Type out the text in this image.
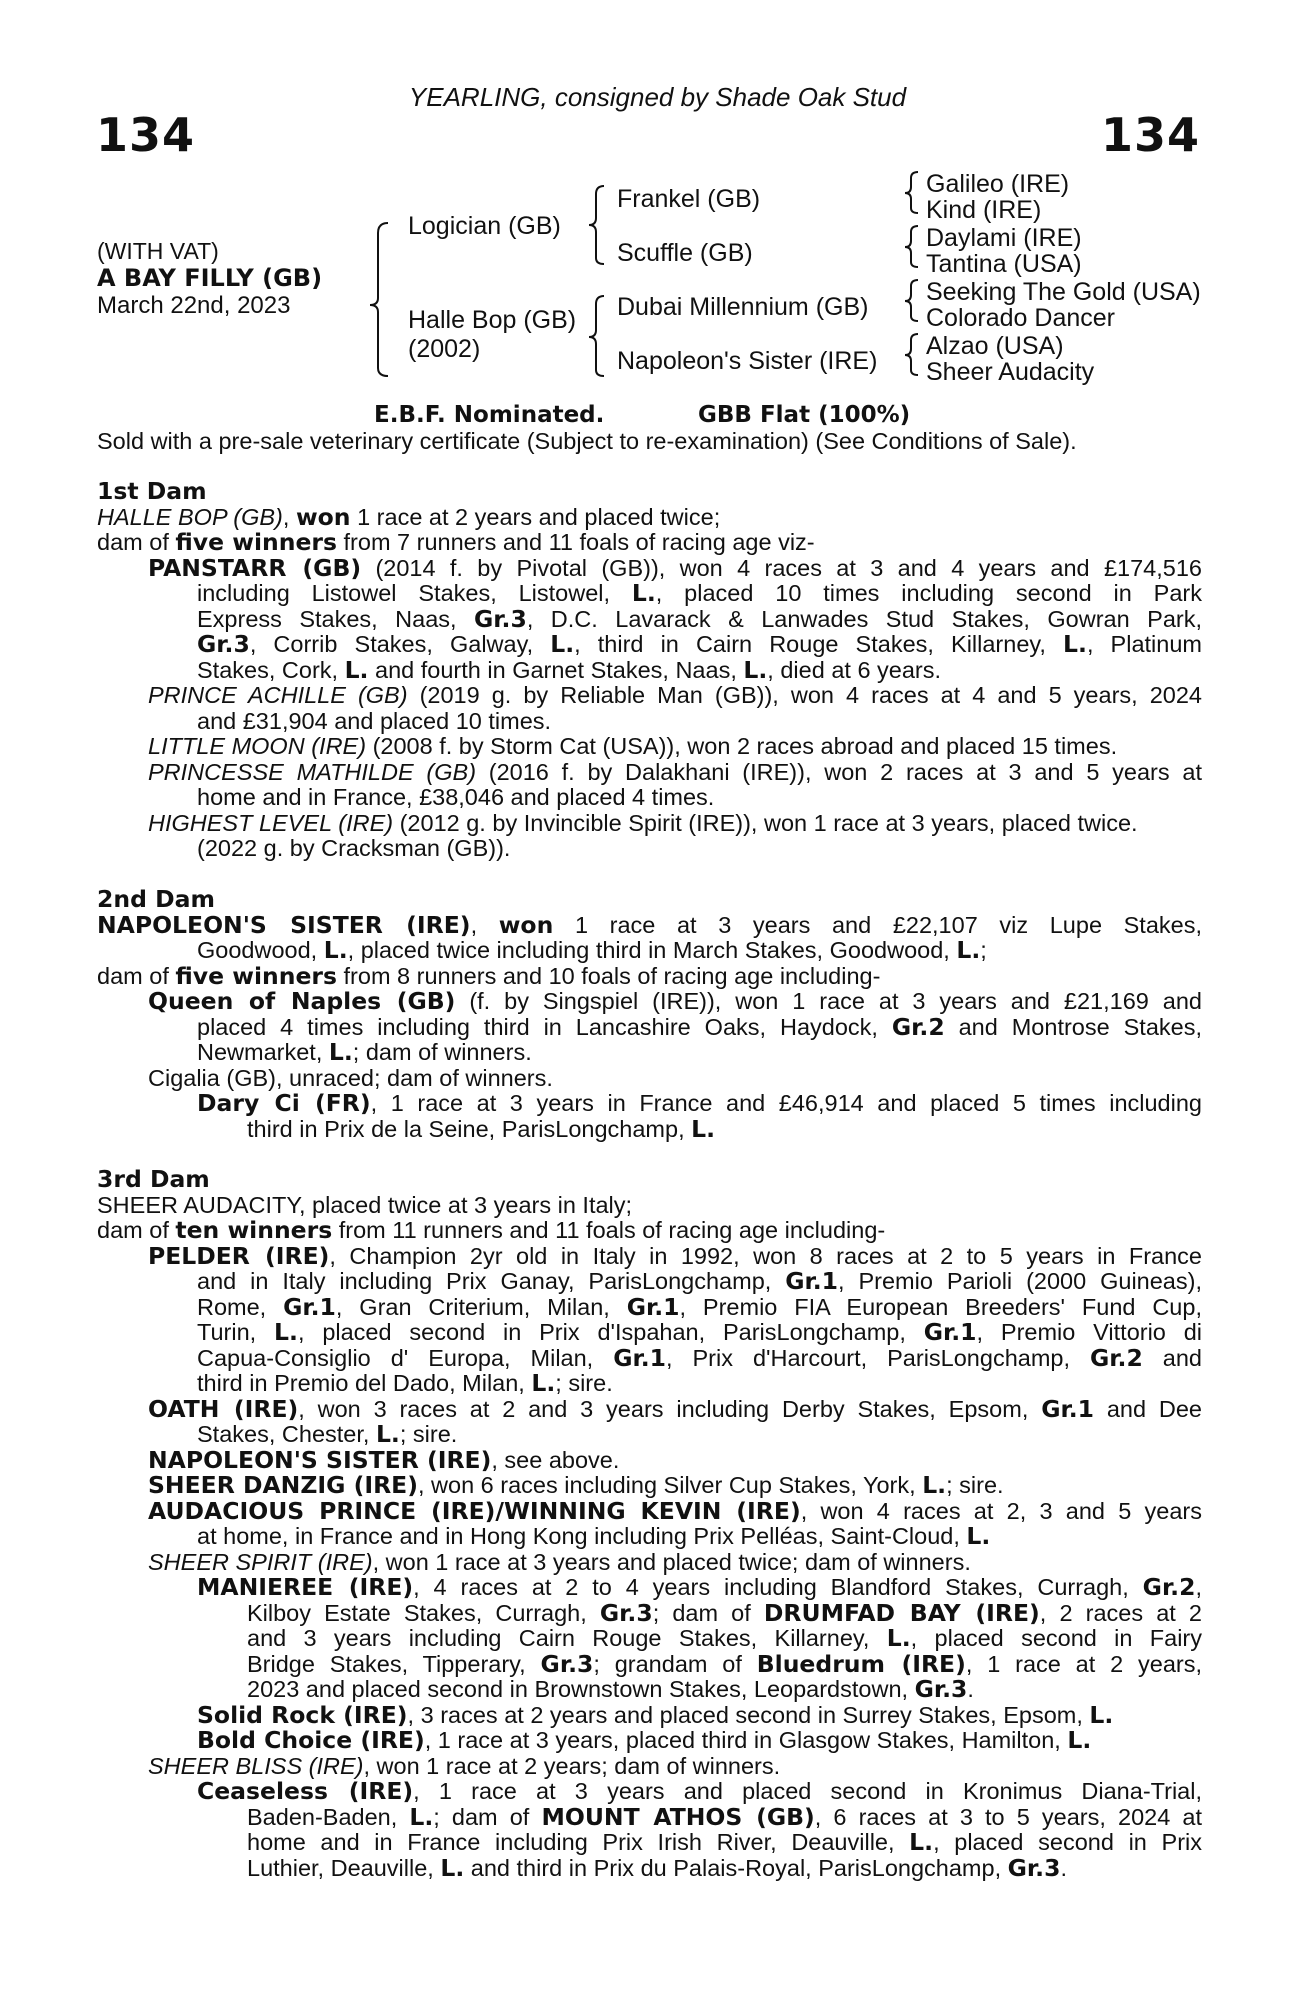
YEARLING, consigned by Shade Oak Stud
134	134
(WITH VAT)
A BAY FILLY (GB)
March 22nd, 2023
Logician (GB)
Halle Bop (GB)
(2002)
Frankel (GB)
Scuffle (GB)
Dubai Millennium (GB)
Napoleon's Sister (IRE)
Galileo (IRE)
Kind (IRE)
Daylami (IRE)
Tantina (USA)
Seeking The Gold (USA)
Colorado Dancer
Alzao (USA)
Sheer Audacity
E.B.F. Nominated.	GBB Flat (100%)
Sold with a pre-sale veterinary certificate (Subject to re-examination) (See Conditions of Sale).
1st Dam
HALLE BOP (GB), won 1 race at 2 years and placed twice;
dam of five winners from 7 runners and 11 foals of racing age viz-
PANSTARR (GB) (2014 f. by Pivotal (GB)), won 4 races at 3 and 4 years and £174,516
including Listowel Stakes, Listowel, L., placed 10 times including second in Park
Express Stakes, Naas, Gr.3, D.C. Lavarack & Lanwades Stud Stakes, Gowran Park,
Gr.3, Corrib Stakes, Galway, L., third in Cairn Rouge Stakes, Killarney, L., Platinum
Stakes, Cork, L. and fourth in Garnet Stakes, Naas, L., died at 6 years.
PRINCE ACHILLE (GB) (2019 g. by Reliable Man (GB)), won 4 races at 4 and 5 years, 2024
and £31,904 and placed 10 times.
LITTLE MOON (IRE) (2008 f. by Storm Cat (USA)), won 2 races abroad and placed 15 times.
PRINCESSE MATHILDE (GB) (2016 f. by Dalakhani (IRE)), won 2 races at 3 and 5 years at
home and in France, £38,046 and placed 4 times.
HIGHEST LEVEL (IRE) (2012 g. by Invincible Spirit (IRE)), won 1 race at 3 years, placed twice.
(2022 g. by Cracksman (GB)).
2nd Dam
NAPOLEON'S SISTER (IRE), won 1 race at 3 years and £22,107 viz Lupe Stakes,
Goodwood, L., placed twice including third in March Stakes, Goodwood, L.;
dam of five winners from 8 runners and 10 foals of racing age including-
Queen of Naples (GB) (f. by Singspiel (IRE)), won 1 race at 3 years and £21,169 and
placed 4 times including third in Lancashire Oaks, Haydock, Gr.2 and Montrose Stakes,
Newmarket, L.; dam of winners.
Cigalia (GB), unraced; dam of winners.
Dary Ci (FR), 1 race at 3 years in France and £46,914 and placed 5 times including
third in Prix de la Seine, ParisLongchamp, L.
3rd Dam
SHEER AUDACITY, placed twice at 3 years in Italy;
dam of ten winners from 11 runners and 11 foals of racing age including-
PELDER (IRE), Champion 2yr old in Italy in 1992, won 8 races at 2 to 5 years in France
and in Italy including Prix Ganay, ParisLongchamp, Gr.1, Premio Parioli (2000 Guineas),
Rome, Gr.1, Gran Criterium, Milan, Gr.1, Premio FIA European Breeders' Fund Cup,
Turin, L., placed second in Prix d'Ispahan, ParisLongchamp, Gr.1, Premio Vittorio di
Capua-Consiglio d' Europa, Milan, Gr.1, Prix d'Harcourt, ParisLongchamp, Gr.2 and
third in Premio del Dado, Milan, L.; sire.
OATH (IRE), won 3 races at 2 and 3 years including Derby Stakes, Epsom, Gr.1 and Dee
Stakes, Chester, L.; sire.
NAPOLEON'S SISTER (IRE), see above.
SHEER DANZIG (IRE), won 6 races including Silver Cup Stakes, York, L.; sire.
AUDACIOUS PRINCE (IRE)/WINNING KEVIN (IRE), won 4 races at 2, 3 and 5 years
at home, in France and in Hong Kong including Prix Pelléas, Saint-Cloud, L.
SHEER SPIRIT (IRE), won 1 race at 3 years and placed twice; dam of winners.
MANIEREE (IRE), 4 races at 2 to 4 years including Blandford Stakes, Curragh, Gr.2,
Kilboy Estate Stakes, Curragh, Gr.3; dam of DRUMFAD BAY (IRE), 2 races at 2
and 3 years including Cairn Rouge Stakes, Killarney, L., placed second in Fairy
Bridge Stakes, Tipperary, Gr.3; grandam of Bluedrum (IRE), 1 race at 2 years,
2023 and placed second in Brownstown Stakes, Leopardstown, Gr.3.
Solid Rock (IRE), 3 races at 2 years and placed second in Surrey Stakes, Epsom, L.
Bold Choice (IRE), 1 race at 3 years, placed third in Glasgow Stakes, Hamilton, L.
SHEER BLISS (IRE), won 1 race at 2 years; dam of winners.
Ceaseless (IRE), 1 race at 3 years and placed second in Kronimus Diana-Trial,
Baden-Baden, L.; dam of MOUNT ATHOS (GB), 6 races at 3 to 5 years, 2024 at
home and in France including Prix Irish River, Deauville, L., placed second in Prix
Luthier, Deauville, L. and third in Prix du Palais-Royal, ParisLongchamp, Gr.3.
